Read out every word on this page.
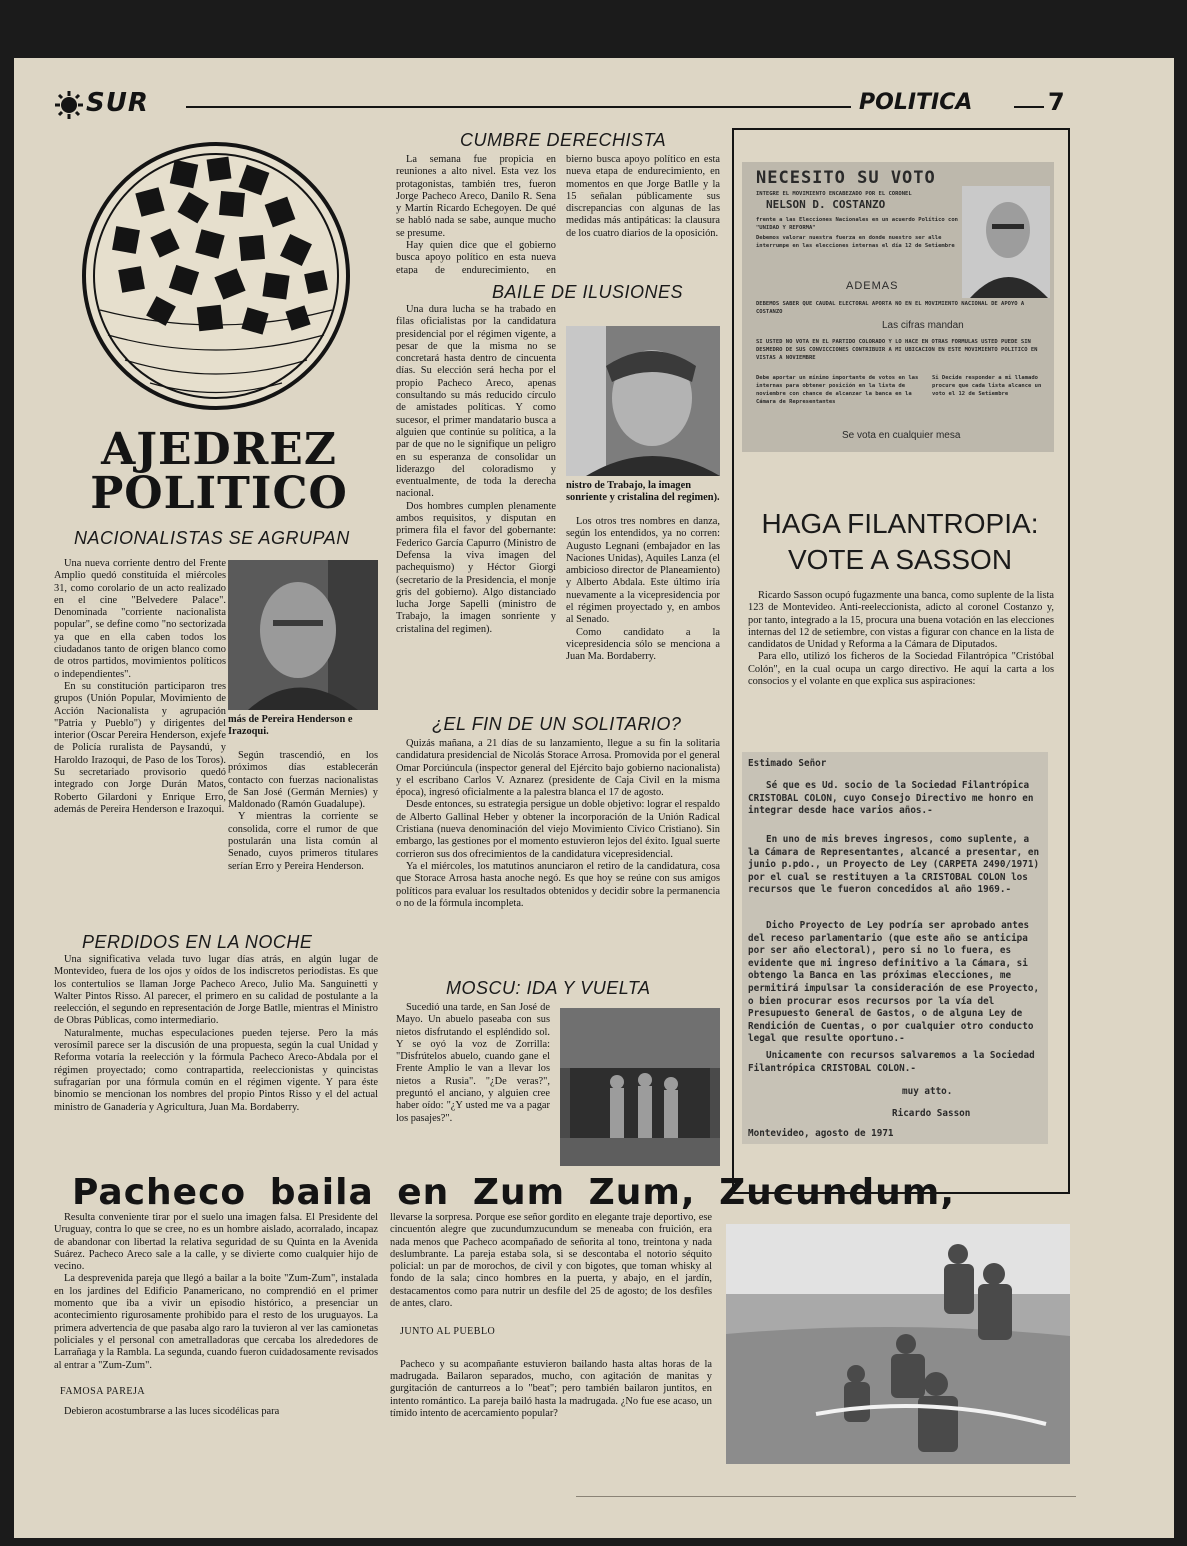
SUR	POLITICA	7
AJEDREZ
POLITICO
NACIONALISTAS SE AGRUPAN

Una nueva corriente dentro del Frente Amplio quedó constituída el miércoles 31, como corolario de un acto realizado en el cine "Belvedere Palace". Denominada "corriente nacionalista popular", se define como "no sectorizada ya que en ella caben todos los ciudadanos tanto de origen blanco como de otros partidos, movimientos políticos o independientes".

En su constitución participaron tres grupos (Unión Popular, Movimiento de Acción Nacionalista y agrupación "Patria y Pueblo") y dirigentes del interior (Oscar Pereira Henderson, exjefe de Policía ruralista de Paysandú, y Haroldo Irazoqui, de Paso de los Toros). Su secretariado provisorio quedó integrado con Jorge Durán Matos, Roberto Gilardoni y Enrique Erro, además de Pereira Henderson e Irazoqui.

más de Pereira Henderson e Irazoqui.

Según trascendió, en los próximos días establecerán contacto con fuerzas nacionalistas de San José (Germán Mernies) y Maldonado (Ramón Guadalupe).

Y mientras la corriente se consolida, corre el rumor de que postularán una lista común al Senado, cuyos primeros titulares serían Erro y Pereira Henderson.

PERDIDOS EN LA NOCHE

Una significativa velada tuvo lugar días atrás, en algún lugar de Montevideo, fuera de los ojos y oídos de los indiscretos periodistas. Es que los contertulios se llaman Jorge Pacheco Areco, Julio Ma. Sanguinetti y Walter Pintos Risso. Al parecer, el primero en su calidad de postulante a la reelección, el segundo en representación de Jorge Batlle, mientras el Ministro de Obras Públicas, como intermediario.

Naturalmente, muchas especulaciones pueden tejerse. Pero la más verosímil parece ser la discusión de una propuesta, según la cual Unidad y Reforma votaría la reelección y la fórmula Pacheco Areco-Abdala por el régimen proyectado; como contrapartida, reeleccionistas y quincistas sufragarían por una fórmula común en el régimen vigente. Y para éste binomio se mencionan los nombres del propio Pintos Risso y el del actual ministro de Ganadería y Agricultura, Juan Ma. Bordaberry.

CUMBRE DERECHISTA

La semana fue propicia en reuniones a alto nivel. Esta vez los protagonistas, también tres, fueron Jorge Pacheco Areco, Danilo R. Sena y Martín Ricardo Echegoyen. De qué se habló nada se sabe, aunque mucho se presume.

Hay quien dice que el gobierno busca apoyo político en esta nueva etapa de endurecimiento, en

bierno busca apoyo político en esta nueva etapa de endurecimiento, en momentos en que Jorge Batlle y la 15 señalan públicamente sus discrepancias con algunas de las medidas más antipáticas: la clausura de los cuatro diarios de la oposición.

BAILE DE ILUSIONES

Una dura lucha se ha trabado en filas oficialistas por la candidatura presidencial por el régimen vigente, a pesar de que la misma no se concretará hasta dentro de cincuenta días. Su elección será hecha por el propio Pacheco Areco, apenas consultando su más reducido círculo de amistades políticas. Y como sucesor, el primer mandatario busca a alguien que continúe su política, a la par de que no le signifique un peligro en su esperanza de consolidar un liderazgo del coloradismo y eventualmente, de toda la derecha nacional.

Dos hombres cumplen plenamente ambos requisitos, y disputan en primera fila el favor del gobernante: Federico García Capurro (Ministro de Defensa la viva imagen del pachequismo) y Héctor Giorgi (secretario de la Presidencia, el monje gris del gobierno). Algo distanciado lucha Jorge Sapelli (ministro de Trabajo, la imagen sonriente y cristalina del regimen).

nistro de Trabajo, la imagen sonriente y cristalina del regimen).

Los otros tres nombres en danza, según los entendidos, ya no corren: Augusto Legnani (embajador en las Naciones Unidas), Aquiles Lanza (el ambicioso director de Planeamiento) y Alberto Abdala. Este último iría nuevamente a la vicepresidencia por el régimen proyectado y, en ambos al Senado.

Como candidato a la vicepresidencia sólo se menciona a Juan Ma. Bordaberry.

¿EL FIN DE UN SOLITARIO?

Quizás mañana, a 21 días de su lanzamiento, llegue a su fin la solitaria candidatura presidencial de Nicolás Storace Arrosa. Promovida por el general Omar Porciúncula (inspector general del Ejército bajo gobierno nacionalista) y el escribano Carlos V. Aznarez (presidente de Caja Civil en la misma época), ingresó oficialmente a la palestra blanca el 17 de agosto.

Desde entonces, su estrategia persigue un doble objetivo: lograr el respaldo de Alberto Gallinal Heber y obtener la incorporación de la Unión Radical Cristiana (nueva denominación del viejo Movimiento Cívico Cristiano). Sin embargo, las gestiones por el momento estuvieron lejos del éxito. Igual suerte corrieron sus dos ofrecimientos de la candidatura vicepresidencial.

Ya el miércoles, los matutinos anunciaron el retiro de la candidatura, cosa que Storace Arrosa hasta anoche negó. Es que hoy se reúne con sus amigos políticos para evaluar los resultados obtenidos y decidir sobre la permanencia o no de la fórmula incompleta.

MOSCU: IDA Y VUELTA

Sucedió una tarde, en San José de Mayo. Un abuelo paseaba con sus nietos disfrutando el espléndido sol. Y se oyó la voz de Zorrilla: "Disfrútelos abuelo, cuando gane el Frente Amplio le van a llevar los nietos a Rusia". "¿De veras?", preguntó el anciano, y alguien cree haber oído: "¿Y usted me va a pagar los pasajes?".

NECESITO SU VOTO
INTEGRE EL MOVIMIENTO ENCABEZADO POR EL CORONEL
NELSON D. COSTANZO
frente a las Elecciones Nacionales en un acuerdo Político con "UNIDAD Y REFORMA"
Debemos valorar nuestra fuerza en donde nuestro ser alle interrumpe en las elecciones internas el día 12 de Setiembre
ADEMAS
DEBEMOS SABER QUE CAUDAL ELECTORAL APORTA NO EN EL MOVIMIENTO NACIONAL DE APOYO A COSTANZO
Las cifras mandan
SI USTED NO VOTA EN EL PARTIDO COLORADO Y LO HACE EN OTRAS FORMULAS USTED PUEDE SIN DESMEDRO DE SUS CONVICCIONES CONTRIBUIR A MI UBICACION EN ESTE MOVIMIENTO POLITICO EN VISTAS A NOVIEMBRE
Debe aportar un mínimo importante de votos en las internas para obtener posición en la lista de noviembre con chance de alcanzar la banca en la Cámara de Representantes
Si Decide responder a mi llamado procure que cada lista alcance un voto el 12 de Setiembre
Se vota en cualquier mesa
HAGA FILANTROPIA:
VOTE A SASSON

Ricardo Sasson ocupó fugazmente una banca, como suplente de la lista 123 de Montevideo. Anti-reeleccionista, adicto al coronel Costanzo y, por tanto, integrado a la 15, procura una buena votación en las elecciones internas del 12 de setiembre, con vistas a figurar con chance en la lista de candidatos de Unidad y Reforma a la Cámara de Diputados.

Para ello, utilizó los ficheros de la Sociedad Filantrópica "Cristóbal Colón", en la cual ocupa un cargo directivo. He aquí la carta a los consocios y el volante en que explica sus aspiraciones:

Estimado Señor
Sé que es Ud. socio de la Sociedad Filantrópica CRISTOBAL COLON, cuyo Consejo Directivo me honro en integrar desde hace varios años.-
En uno de mis breves ingresos, como suplente, a la Cámara de Representantes, alcancé a presentar, en junio p.pdo., un Proyecto de Ley (CARPETA 2490/1971) por el cual se restituyen a la CRISTOBAL COLON los recursos que le fueron concedidos al año 1969.-
Dicho Proyecto de Ley podría ser aprobado antes del receso parlamentario (que este año se anticipa por ser año electoral), pero si no lo fuera, es evidente que mi ingreso definitivo a la Cámara, si obtengo la Banca en las próximas elecciones, me permitirá impulsar la consideración de ese Proyecto, o bien procurar esos recursos por la vía del Presupuesto General de Gastos, o de alguna Ley de Rendición de Cuentas, o por cualquier otro conducto legal que resulte oportuno.-
Unicamente con recursos salvaremos a la Sociedad Filantrópica CRISTOBAL COLON.-
muy atto.
Ricardo Sasson
Montevideo, agosto de 1971
Pacheco baila en Zum Zum, Zucundum,

Resulta conveniente tirar por el suelo una imagen falsa. El Presidente del Uruguay, contra lo que se cree, no es un hombre aislado, acorralado, incapaz de abandonar con libertad la relativa seguridad de su Quinta en la Avenida Suárez. Pacheco Areco sale a la calle, y se divierte como cualquier hijo de vecino.

La desprevenida pareja que llegó a bailar a la boite "Zum-Zum", instalada en los jardines del Edificio Panamericano, no comprendió en el primer momento que iba a vivir un episodio histórico, a presenciar un acontecimiento rigurosamente prohibido para el resto de los uruguayos. La primera advertencia de que pasaba algo raro la tuvieron al ver las camionetas policiales y el personal con ametralladoras que cercaba los alrededores de Larrañaga y la Rambla. La segunda, cuando fueron cuidadosamente revisados al entrar a "Zum-Zum".

FAMOSA PAREJA

Debieron acostumbrarse a las luces sicodélicas para

llevarse la sorpresa. Porque ese señor gordito en elegante traje deportivo, ese cincuentón alegre que zucundumzucundum se meneaba con fruición, era nada menos que Pacheco acompañado de señorita al tono, treintona y nada deslumbrante. La pareja estaba sola, si se descontaba el notorio séquito policial: un par de morochos, de civil y con bigotes, que toman whisky al fondo de la sala; cinco hombres en la puerta, y abajo, en el jardín, destacamentos como para nutrir un desfile del 25 de agosto; de los desfiles de antes, claro.

JUNTO AL PUEBLO

Pacheco y su acompañante estuvieron bailando hasta altas horas de la madrugada. Bailaron separados, mucho, con agitación de manitas y gurgitación de canturreos a lo "beat"; pero también bailaron juntitos, en intento romántico. La pareja bailó hasta la madrugada. ¿No fue ese acaso, un tímido intento de acercamiento popular?
